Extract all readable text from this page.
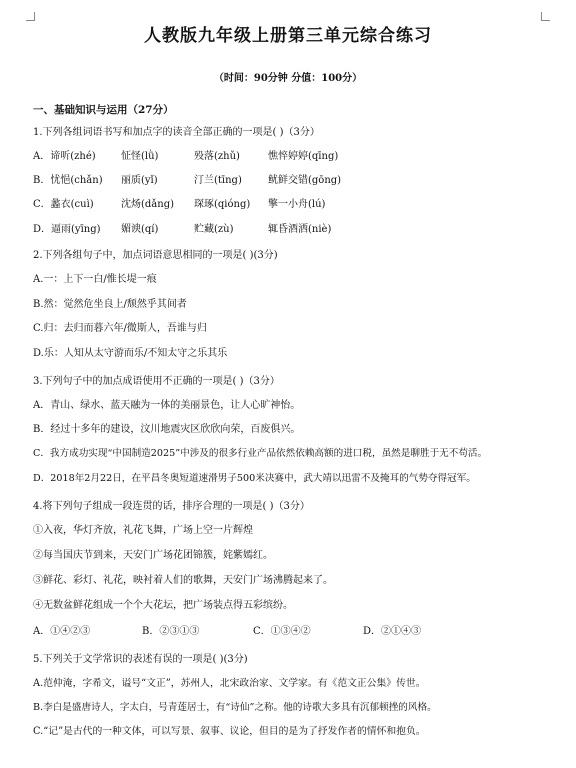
人教版九年级上册第三单元综合练习
（时间：90分钟 分值：100分）
一、基础知识与运用（27分）
1.下列各组词语书写和加点字的读音全部正确的一项是( )（3分）
A．谛听(zhé)	怔怪(lǜ)	殁落(zhǔ)	憔悴婷婷(qīng)
B．忧悒(chǎn) 丽质(yǐ)	汀兰(tīng)	鱿鲜交错(gōng)
C．蠡衣(cuì)	沈炀(dǎng) 琛琢(qióng) 擎一小舟(lú)
D．逼雨(yīng) 媚谀(qí)	贮藏(zù)	辄昏酒洒(niè)
2.下列各组句子中，加点词语意思相同的一项是( )(3分)
A.一：上下一白/惟长堤一痕
B.然：觉然危坐良上/颓然乎其间者
C.归：去归而暮六年/微斯人，吾谁与归
D.乐：人知从太守游而乐/不知太守之乐其乐
3.下列句子中的加点成语使用不正确的一项是( )（3分）
A．青山、绿水、蓝天融为一体的美丽景色，让人心旷神怡。
B．经过十多年的建设，汶川地震灾区欣欣向荣，百废俱兴。
C．我方成功实现“中国制造2025”中涉及的很多行业产品依然依赖高额的进口税，虽然是聊胜于无不苟活。
D．2018年2月22日，在平昌冬奥短道速滑男子500米决赛中，武大靖以迅雷不及掩耳的气势夺得冠军。
4.将下列句子组成一段连贯的话，排序合理的一项是( )（3分）
①入夜，华灯齐放，礼花飞舞，广场上空一片辉煌
②每当国庆节到来，天安门广场花团锦簇，姹紫嫣红。
③鲜花、彩灯、礼花，映衬着人们的歌舞，天安门广场沸腾起来了。
④无数盆鲜花组成一个个大花坛，把广场装点得五彩缤纷。
A．①④②③	B．②③①③	C．①③④②	D．②①④③
5.下列关于文学常识的表述有误的一项是( )(3分)
A.范仲淹，字希文，谥号“文正”，苏州人，北宋政治家、文学家。有《范文正公集》传世。
B.李白是盛唐诗人，字太白，号青莲居士，有“诗仙”之称。他的诗歌大多具有沉郁顿挫的风格。
C.“记”是古代的一种文体，可以写景、叙事、议论，但目的是为了抒发作者的情怀和抱负。
